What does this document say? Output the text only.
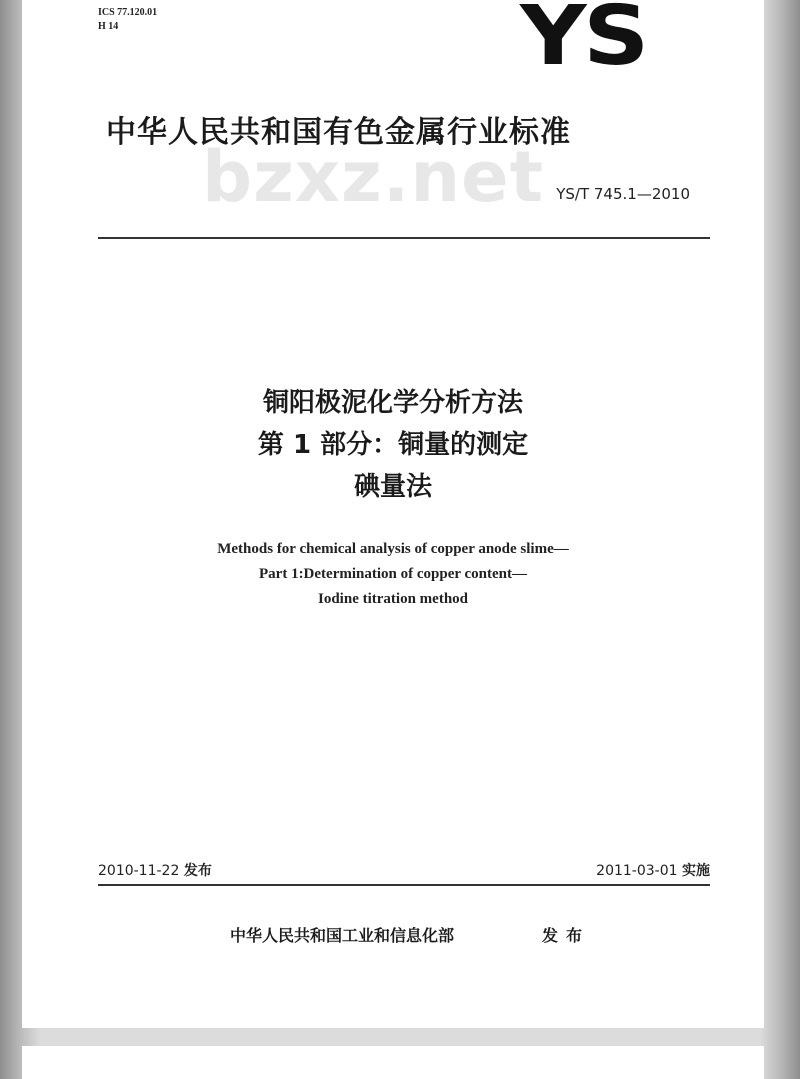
ICS 77.120.01
H 14	YS
bzxz.net
中华人民共和国有色金属行业标准
YS/T 745.1—2010
铜阳极泥化学分析方法
第 1 部分：铜量的测定
碘量法
Methods for chemical analysis of copper anode slime—
Part 1:Determination of copper content—
Iodine titration method
2010-11-22 发布	2011-03-01 实施
中华人民共和国工业和信息化部	发布
